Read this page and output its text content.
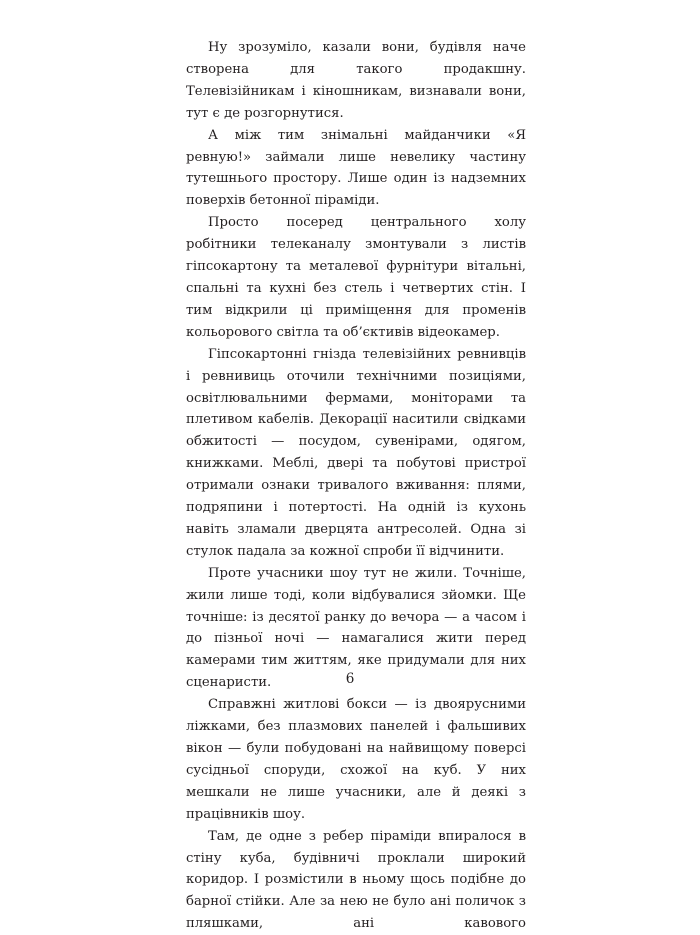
Ну зрозуміло, казали вони, будівля наче створена для такого продакшну. Телевізійникам і кіношникам, визнавали вони, тут є де розгорнутися.

А між тим знімальні майданчики «Я ревную!» займали лише невелику частину тутешнього простору. Лише один із надземних поверхів бетонної піраміди.

Просто посеред центрального холу робітники телеканалу змонтували з листів гіпсокартону та металевої фурнітури вітальні, спальні та кухні без стель і четвертих стін. І тим відкрили ці приміщення для променів кольорового світла та об’єктивів відеокамер.

Гіпсокартонні гнізда телевізійних ревнивців і ревнивиць оточили технічними позиціями, освітлювальними фермами, моніторами та плетивом кабелів. Декорації наситили свідками обжитості — посудом, сувенірами, одягом, книжками. Меблі, двері та побутові пристрої отримали ознаки тривалого вживання: плями, подряпини і потертості. На одній із кухонь навіть зламали дверцята антресолей. Одна зі стулок падала за кожної спроби її відчинити.

Проте учасники шоу тут не жили. Точніше, жили лише тоді, коли відбувалися зйомки. Ще точніше: із десятої ранку до вечора — а часом і до пізньої ночі — намагалися жити перед камерами тим життям, яке придумали для них сценаристи.

Справжні житлові бокси — із двоярусними ліжками, без плазмових панелей і фальшивих вікон — були побудовані на найвищому поверсі сусідньої споруди, схожої на куб. У них мешкали не лише учасники, але й деякі з працівників шоу.

Там, де одне з ребер піраміди впиралося в стіну куба, будівничі проклали широкий коридор. І розмістили в ньому щось подібне до барної стійки. Але за нею не було ані поличок з пляшками, ані кавового

6
